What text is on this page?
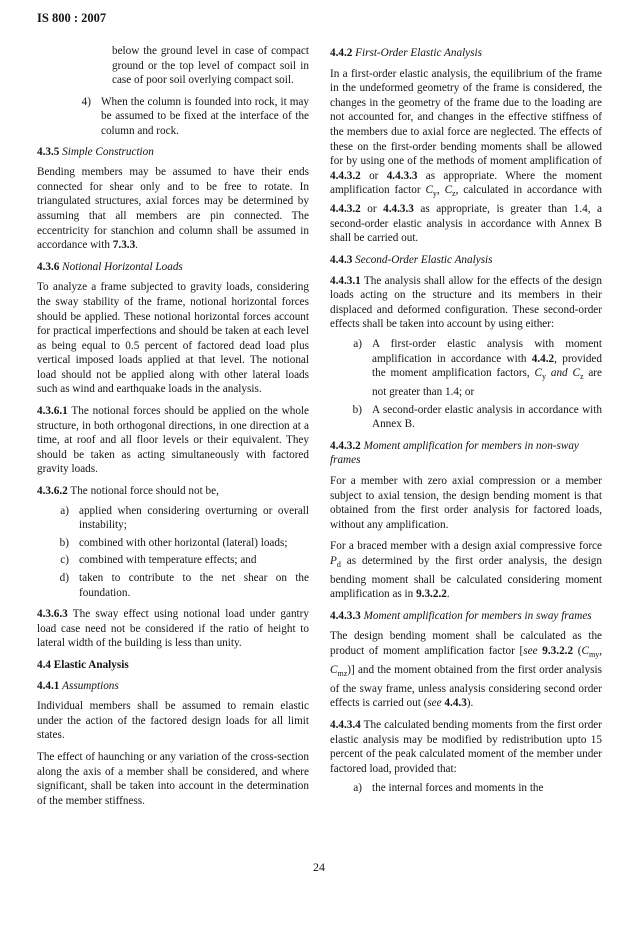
IS 800 : 2007

below the ground level in case of compact ground or the top level of compact soil in case of poor soil overlying compact soil.

4) When the column is founded into rock, it may be assumed to be fixed at the interface of the column and rock.
4.3.5 Simple Construction

Bending members may be assumed to have their ends connected for shear only and to be free to rotate. In triangulated structures, axial forces may be determined by assuming that all members are pin connected. The eccentricity for stanchion and column shall be assumed in accordance with 7.3.3.

4.3.6 Notional Horizontal Loads

To analyze a frame subjected to gravity loads, considering the sway stability of the frame, notional horizontal forces should be applied. These notional horizontal forces account for practical imperfections and should be taken at each level as being equal to 0.5 percent of factored dead load plus vertical imposed loads applied at that level. The notional load should not be applied along with other lateral loads such as wind and earthquake loads in the analysis.

4.3.6.1 The notional forces should be applied on the whole structure, in both orthogonal directions, in one direction at a time, at roof and all floor levels or their equivalent. They should be taken as acting simultaneously with factored gravity loads.

4.3.6.2 The notional force should not be,

a) applied when considering overturning or overall instability;
b) combined with other horizontal (lateral) loads;
c) combined with temperature effects; and
d) taken to contribute to the net shear on the foundation.

4.3.6.3 The sway effect using notional load under gantry load case need not be considered if the ratio of height to lateral width of the building is less than unity.

4.4 Elastic Analysis
4.4.1 Assumptions

Individual members shall be assumed to remain elastic under the action of the factored design loads for all limit states.

The effect of haunching or any variation of the cross-section along the axis of a member shall be considered, and where significant, shall be taken into account in the determination of the member stiffness.

4.4.2 First-Order Elastic Analysis

In a first-order elastic analysis, the equilibrium of the frame in the undeformed geometry of the frame is considered, the changes in the geometry of the frame due to the loading are not accounted for, and changes in the effective stiffness of the members due to axial force are neglected. The effects of these on the first-order bending moments shall be allowed for by using one of the methods of moment amplification of 4.4.3.2 or 4.4.3.3 as appropriate. Where the moment amplification factor $C_y$, $C_z$, calculated in accordance with 4.4.3.2 or 4.4.3.3 as appropriate, is greater than 1.4, a second-order elastic analysis in accordance with Annex B shall be carried out.

4.4.3 Second-Order Elastic Analysis

4.4.3.1 The analysis shall allow for the effects of the design loads acting on the structure and its members in their displaced and deformed configuration. These second-order effects shall be taken into account by using either:

a) A first-order elastic analysis with moment amplification in accordance with 4.4.2, provided the moment amplification factors, $C_y$ and $C_z$ are not greater than 1.4; or
b) A second-order elastic analysis in accordance with Annex B.
4.4.3.2 Moment amplification for members in non-sway frames

For a member with zero axial compression or a member subject to axial tension, the design bending moment is that obtained from the first order analysis for factored loads, without any amplification.

For a braced member with a design axial compressive force $P_d$ as determined by the first order analysis, the design bending moment shall be calculated considering moment amplification as in 9.3.2.2.

4.4.3.3 Moment amplification for members in sway frames

The design bending moment shall be calculated as the product of moment amplification factor [see 9.3.2.2 ($C_{my}$, $C_{mz}$)] and the moment obtained from the first order analysis of the sway frame, unless analysis considering second order effects is carried out (see 4.4.3).

4.4.3.4 The calculated bending moments from the first order elastic analysis may be modified by redistribution upto 15 percent of the peak calculated moment of the member under factored load, provided that:

a) the internal forces and moments in the
24
